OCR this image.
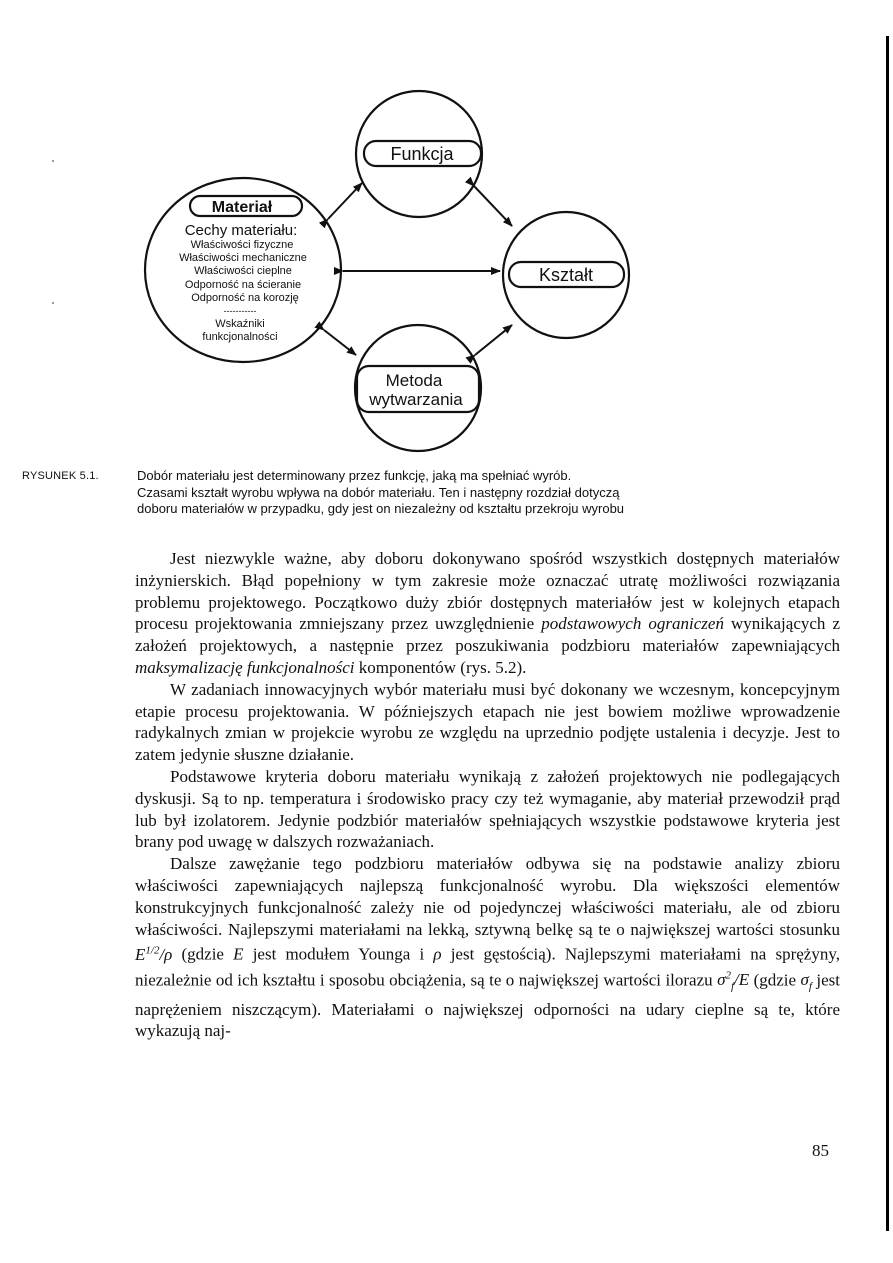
Funkcja
Kształt
Metoda
wytwarzania
Materiał
Cechy materiału:
Właściwości fizyczne
Właściwości mechaniczne
Właściwości cieplne
Odporność na ścieranie
Odporność na korozję
-----------
Wskaźniki
funkcjonalności
RYSUNEK 5.1.	Dobór materiału jest determinowany przez funkcję, jaką ma spełniać wyrób.
Czasami kształt wyrobu wpływa na dobór materiału. Ten i następny rozdział dotyczą
doboru materiałów w przypadku, gdy jest on niezależny od kształtu przekroju wyrobu

Jest niezwykle ważne, aby doboru dokonywano spośród wszystkich dostępnych materiałów inżynierskich. Błąd popełniony w tym zakresie może oznaczać utratę możliwości rozwiązania problemu projektowego. Początkowo duży zbiór dostępnych materiałów jest w kolejnych etapach procesu projektowania zmniejszany przez uwzględnienie podstawowych ograniczeń wynikających z założeń projektowych, a następnie przez poszukiwania podzbioru materiałów zapewniających maksymalizację funkcjonalności komponentów (rys. 5.2).

W zadaniach innowacyjnych wybór materiału musi być dokonany we wczesnym, koncepcyjnym etapie procesu projektowania. W późniejszych etapach nie jest bowiem możliwe wprowadzenie radykalnych zmian w projekcie wyrobu ze względu na uprzednio podjęte ustalenia i decyzje. Jest to zatem jedynie słuszne działanie.

Podstawowe kryteria doboru materiału wynikają z założeń projektowych nie podlegających dyskusji. Są to np. temperatura i środowisko pracy czy też wymaganie, aby materiał przewodził prąd lub był izolatorem. Jedynie podzbiór materiałów spełniających wszystkie podstawowe kryteria jest brany pod uwagę w dalszych rozważaniach.

Dalsze zawężanie tego podzbioru materiałów odbywa się na podstawie analizy zbioru właściwości zapewniających najlepszą funkcjonalność wyrobu. Dla większości elementów konstrukcyjnych funkcjonalność zależy nie od pojedynczej właściwości materiału, ale od zbioru właściwości. Najlepszymi materiałami na lekką, sztywną belkę są te o największej wartości stosunku $E^{1/2}/\rho$ (gdzie E jest modułem Younga i ρ jest gęstością). Najlepszymi materiałami na sprężyny, niezależnie od ich kształtu i sposobu obciążenia, są te o największej wartości ilorazu $\sigma^2_f/E$ (gdzie $\sigma_f$ jest naprężeniem niszczącym). Materiałami o największej odporności na udary cieplne są te, które wykazują naj-

85
